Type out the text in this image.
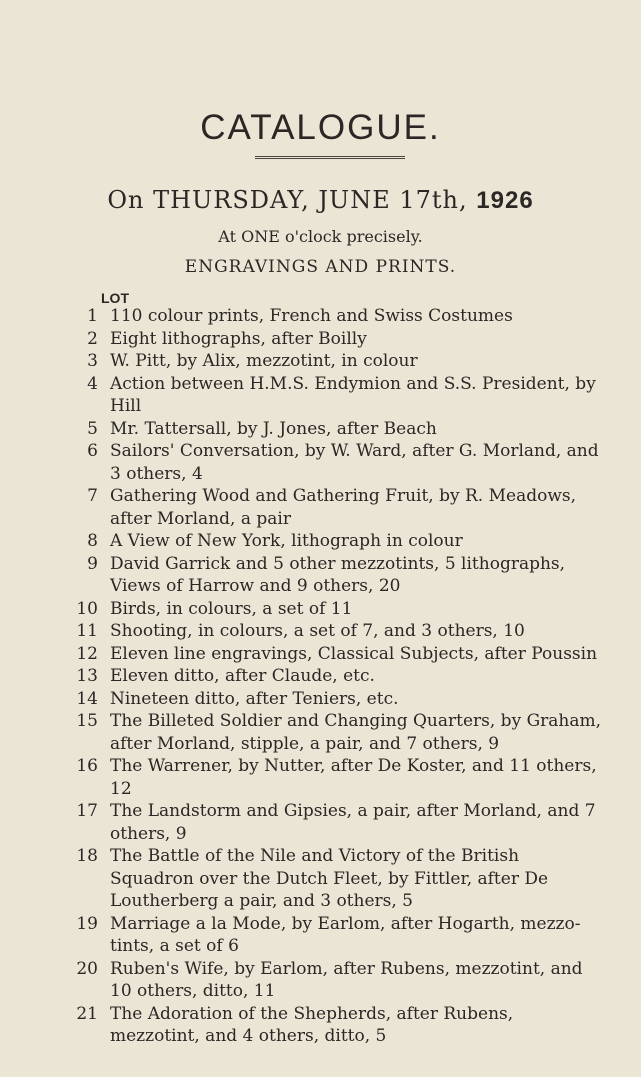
CATALOGUE.
On THURSDAY, JUNE 17th, 1926
At ONE o'clock precisely.
ENGRAVINGS AND PRINTS.
LOT
1 110 colour prints, French and Swiss Costumes
2 Eight lithographs, after Boilly
3 W. Pitt, by Alix, mezzotint, in colour
4 Action between H.M.S. Endymion and S.S. President, by Hill
5 Mr. Tattersall, by J. Jones, after Beach
6 Sailors' Conversation, by W. Ward, after G. Morland, and 3 others, 4
7 Gathering Wood and Gathering Fruit, by R. Meadows, after Morland, a pair
8 A View of New York, lithograph in colour
9 David Garrick and 5 other mezzotints, 5 lithographs, Views of Harrow and 9 others, 20
10 Birds, in colours, a set of 11
11 Shooting, in colours, a set of 7, and 3 others, 10
12 Eleven line engravings, Classical Subjects, after Poussin
13 Eleven ditto, after Claude, etc.
14 Nineteen ditto, after Teniers, etc.
15 The Billeted Soldier and Changing Quarters, by Graham, after Morland, stipple, a pair, and 7 others, 9
16 The Warrener, by Nutter, after De Koster, and 11 others, 12
17 The Landstorm and Gipsies, a pair, after Morland, and 7 others, 9
18 The Battle of the Nile and Victory of the British Squadron over the Dutch Fleet, by Fittler, after De Loutherberg a pair, and 3 others, 5
19 Marriage a la Mode, by Earlom, after Hogarth, mezzo-tints, a set of 6
20 Ruben's Wife, by Earlom, after Rubens, mezzotint, and 10 others, ditto, 11
21 The Adoration of the Shepherds, after Rubens, mezzotint, and 4 others, ditto, 5
